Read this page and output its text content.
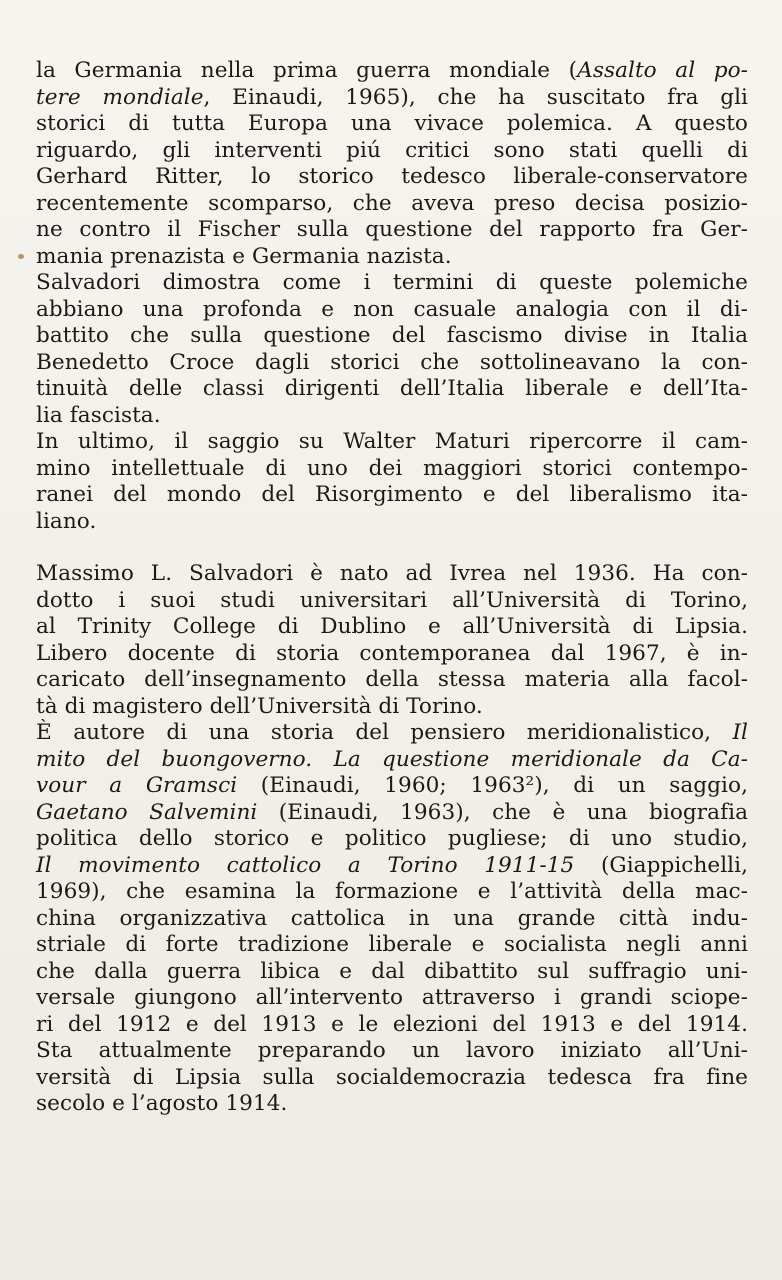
la Germania nella prima guerra mondiale (Assalto al po-
tere mondiale, Einaudi, 1965), che ha suscitato fra gli
storici di tutta Europa una vivace polemica. A questo
riguardo, gli interventi piú critici sono stati quelli di
Gerhard Ritter, lo storico tedesco liberale-conservatore
recentemente scomparso, che aveva preso decisa posizio-
ne contro il Fischer sulla questione del rapporto fra Ger-
mania prenazista e Germania nazista.
Salvadori dimostra come i termini di queste polemiche
abbiano una profonda e non casuale analogia con il di-
battito che sulla questione del fascismo divise in Italia
Benedetto Croce dagli storici che sottolineavano la con-
tinuità delle classi dirigenti dell’Italia liberale e dell’Ita-
lia fascista.
In ultimo, il saggio su Walter Maturi ripercorre il cam-
mino intellettuale di uno dei maggiori storici contempo-
ranei del mondo del Risorgimento e del liberalismo ita-
liano.
Massimo L. Salvadori è nato ad Ivrea nel 1936. Ha con-
dotto i suoi studi universitari all’Università di Torino,
al Trinity College di Dublino e all’Università di Lipsia.
Libero docente di storia contemporanea dal 1967, è in-
caricato dell’insegnamento della stessa materia alla facol-
tà di magistero dell’Università di Torino.
È autore di una storia del pensiero meridionalistico, Il
mito del buongoverno. La questione meridionale da Ca-
vour a Gramsci (Einaudi, 1960; 1963²), di un saggio,
Gaetano Salvemini (Einaudi, 1963), che è una biografia
politica dello storico e politico pugliese; di uno studio,
Il movimento cattolico a Torino 1911-15 (Giappichelli,
1969), che esamina la formazione e l’attività della mac-
china organizzativa cattolica in una grande città indu-
striale di forte tradizione liberale e socialista negli anni
che dalla guerra libica e dal dibattito sul suffragio uni-
versale giungono all’intervento attraverso i grandi sciope-
ri del 1912 e del 1913 e le elezioni del 1913 e del 1914.
Sta attualmente preparando un lavoro iniziato all’Uni-
versità di Lipsia sulla socialdemocrazia tedesca fra fine
secolo e l’agosto 1914.
